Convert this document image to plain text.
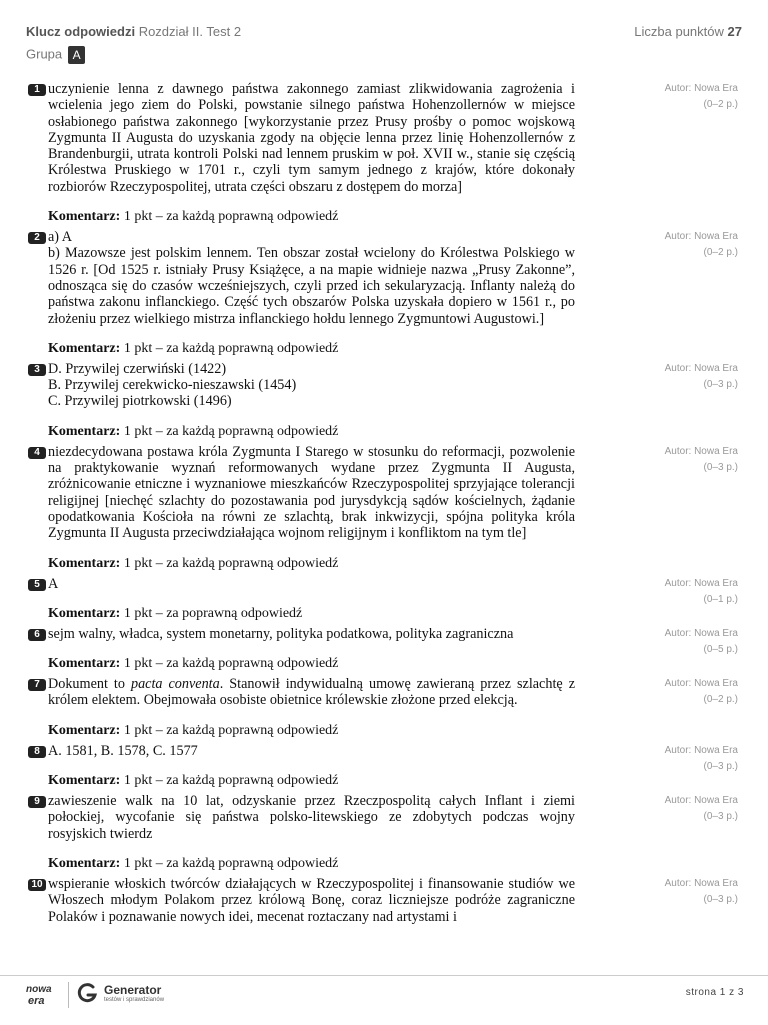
Klucz odpowiedzi Rozdział II. Test 2	Liczba punktów 27
Grupa A
1 uczynienie lenna z dawnego państwa zakonnego zamiast zlikwidowania zagrożenia i wcielenia jego ziem do Polski, powstanie silnego państwa Hohenzollernów w miejsce osłabionego państwa zakonnego [wykorzystanie przez Prusy prośby o pomoc wojskową Zygmunta II Augusta do uzyskania zgody na objęcie lenna przez linię Hohenzollernów z Brandenburgii, utrata kontroli Polski nad lennem pruskim w poł. XVII w., stanie się częścią Królestwa Pruskiego w 1701 r., czyli tym samym jednego z krajów, które dokonały rozbiorów Rzeczypospolitej, utrata części obszaru z dostępem do morza]
Autor: Nowa Era
(0–2 p.)
Komentarz: 1 pkt – za każdą poprawną odpowiedź
2 a) A
b) Mazowsze jest polskim lennem. Ten obszar został wcielony do Królestwa Polskiego w 1526 r. [Od 1525 r. istniały Prusy Książęce, a na mapie widnieje nazwa „Prusy Zakonne”, odnosząca się do czasów wcześniejszych, czyli przed ich sekularyzacją. Inflanty należą do państwa zakonu inflanckiego. Część tych obszarów Polska uzyskała dopiero w 1561 r., po złożeniu przez wielkiego mistrza inflanckiego hołdu lennego Zygmuntowi Augustowi.]
Autor: Nowa Era
(0–2 p.)
Komentarz: 1 pkt – za każdą poprawną odpowiedź
3 D. Przywilej czerwiński (1422)
B. Przywilej cerekwicko-nieszawski (1454)
C. Przywilej piotrkowski (1496)
Autor: Nowa Era
(0–3 p.)
Komentarz: 1 pkt – za każdą poprawną odpowiedź
4 niezdecydowana postawa króla Zygmunta I Starego w stosunku do reformacji, pozwolenie na praktykowanie wyznań reformowanych wydane przez Zygmunta II Augusta, zróżnicowanie etniczne i wyznaniowe mieszkańców Rzeczypospolitej sprzyjające tolerancji religijnej [niechęć szlachty do pozostawania pod jurysdykcją sądów kościelnych, żądanie opodatkowania Kościoła na równi ze szlachtą, brak inkwizycji, spójna polityka króla Zygmunta II Augusta przeciwdziałająca wojnom religijnym i konfliktom na tym tle]
Autor: Nowa Era
(0–3 p.)
Komentarz: 1 pkt – za każdą poprawną odpowiedź
5 A	Autor: Nowa Era
(0–1 p.)
Komentarz: 1 pkt – za poprawną odpowiedź
6 sejm walny, władca, system monetarny, polityka podatkowa, polityka zagraniczna	Autor: Nowa Era
(0–5 p.)
Komentarz: 1 pkt – za każdą poprawną odpowiedź
7 Dokument to pacta conventa. Stanowił indywidualną umowę zawieraną przez szlachtę z królem elektem. Obejmowała osobiste obietnice królewskie złożone przed elekcją.
Autor: Nowa Era
(0–2 p.)
Komentarz: 1 pkt – za każdą poprawną odpowiedź
8 A. 1581, B. 1578, C. 1577	Autor: Nowa Era
(0–3 p.)
Komentarz: 1 pkt – za każdą poprawną odpowiedź
9 zawieszenie walk na 10 lat, odzyskanie przez Rzeczpospolitą całych Inflant i ziemi połockiej, wycofanie się państwa polsko-litewskiego ze zdobytych podczas wojny rosyjskich twierdz
Autor: Nowa Era
(0–3 p.)
Komentarz: 1 pkt – za każdą poprawną odpowiedź
10 wspieranie włoskich twórców działających w Rzeczypospolitej i finansowanie studiów we Włoszech młodym Polakom przez królową Bonę, coraz liczniejsze podróże zagraniczne Polaków i poznawanie nowych idei, mecenat roztaczany nad artystami i
Autor: Nowa Era
(0–3 p.)
nowa
era
Generator
testów i sprawdzianów
strona 1 z 3
